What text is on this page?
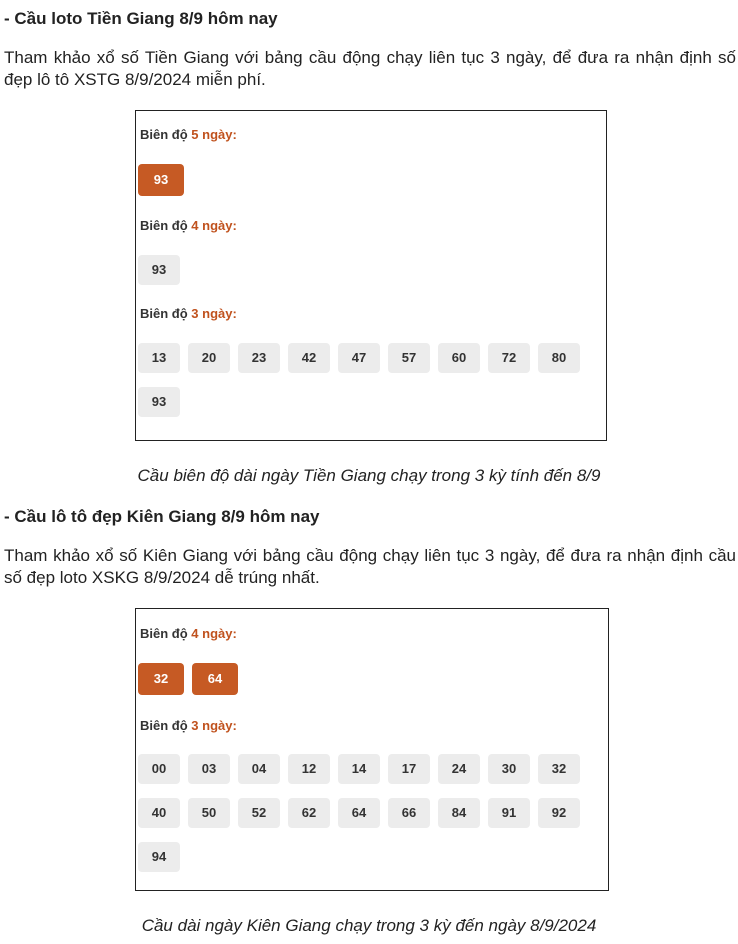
- Cầu loto Tiền Giang 8/9 hôm nay

Tham khảo xổ số Tiền Giang với bảng cầu động chạy liên tục 3 ngày, để đưa ra nhận định số đẹp lô tô XSTG 8/9/2024 miễn phí.

Biên độ 5 ngày:
93
Biên độ 4 ngày:
93
Biên độ 3 ngày:
13	20	23	42	47	57	60	72	80
93

Cầu biên độ dài ngày Tiền Giang chạy trong 3 kỳ tính đến 8/9

- Cầu lô tô đẹp Kiên Giang 8/9 hôm nay

Tham khảo xổ số Kiên Giang với bảng cầu động chạy liên tục 3 ngày, để đưa ra nhận định cầu số đẹp loto XSKG 8/9/2024 dễ trúng nhất.

Biên độ 4 ngày:
32	64
Biên độ 3 ngày:
00	03	04	12	14	17	24	30	32
40	50	52	62	64	66	84	91	92
94

Cầu dài ngày Kiên Giang chạy trong 3 kỳ đến ngày 8/9/2024
